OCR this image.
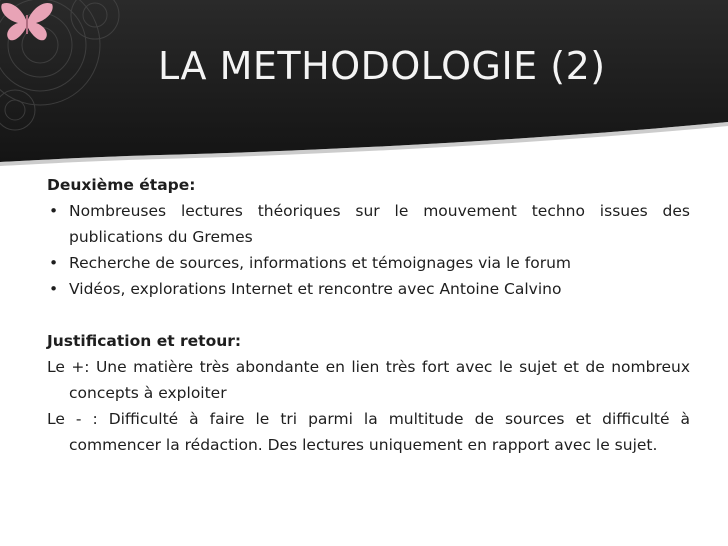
LA METHODOLOGIE (2)

Deuxième étape:

• Nombreuses lectures théoriques sur le mouvement techno issues des publications du Gremes
• Recherche de sources, informations et témoignages via le forum
• Vidéos, explorations Internet et rencontre avec Antoine Calvino

Justification et retour:

Le +: Une matière très abondante en lien très fort avec le sujet et de nombreux concepts à exploiter

Le - : Difficulté à faire le tri parmi la multitude de sources et difficulté à commencer la rédaction. Des lectures uniquement en rapport avec le sujet.
